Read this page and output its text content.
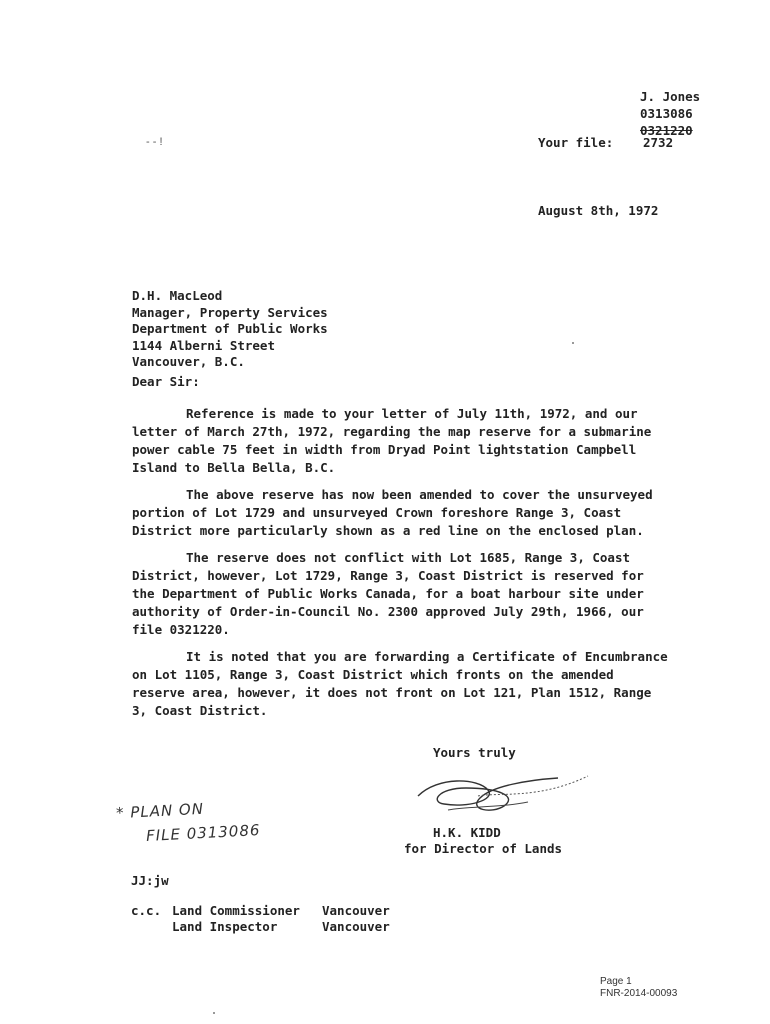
- - !
J. Jones
0313086
0321220
Your file: 2732
August 8th, 1972
D.H. MacLeod
Manager, Property Services
Department of Public Works
1144 Alberni Street
Vancouver, B.C.
Dear Sir:

Reference is made to your letter of July 11th, 1972, and our letter of March 27th, 1972, regarding the map reserve for a submarine power cable 75 feet in width from Dryad Point lightstation Campbell Island to Bella Bella, B.C.

The above reserve has now been amended to cover the unsurveyed portion of Lot 1729 and unsurveyed Crown foreshore Range 3, Coast District more particularly shown as a red line on the enclosed plan.

The reserve does not conflict with Lot 1685, Range 3, Coast District, however, Lot 1729, Range 3, Coast District is reserved for the Department of Public Works Canada, for a boat harbour site under authority of Order-in-Council No. 2300 approved July 29th, 1966, our file 0321220.

It is noted that you are forwarding a Certificate of Encumbrance on Lot 1105, Range 3, Coast District which fronts on the amended reserve area, however, it does not front on Lot 121, Plan 1512, Range 3, Coast District.

Yours truly
H.K. KIDD
for Director of Lands
* PLAN ON
FILE 0313086
JJ:jw
c.c. Land Commissioner Vancouver
Land Inspector	Vancouver
Page 1
FNR-2014-00093
